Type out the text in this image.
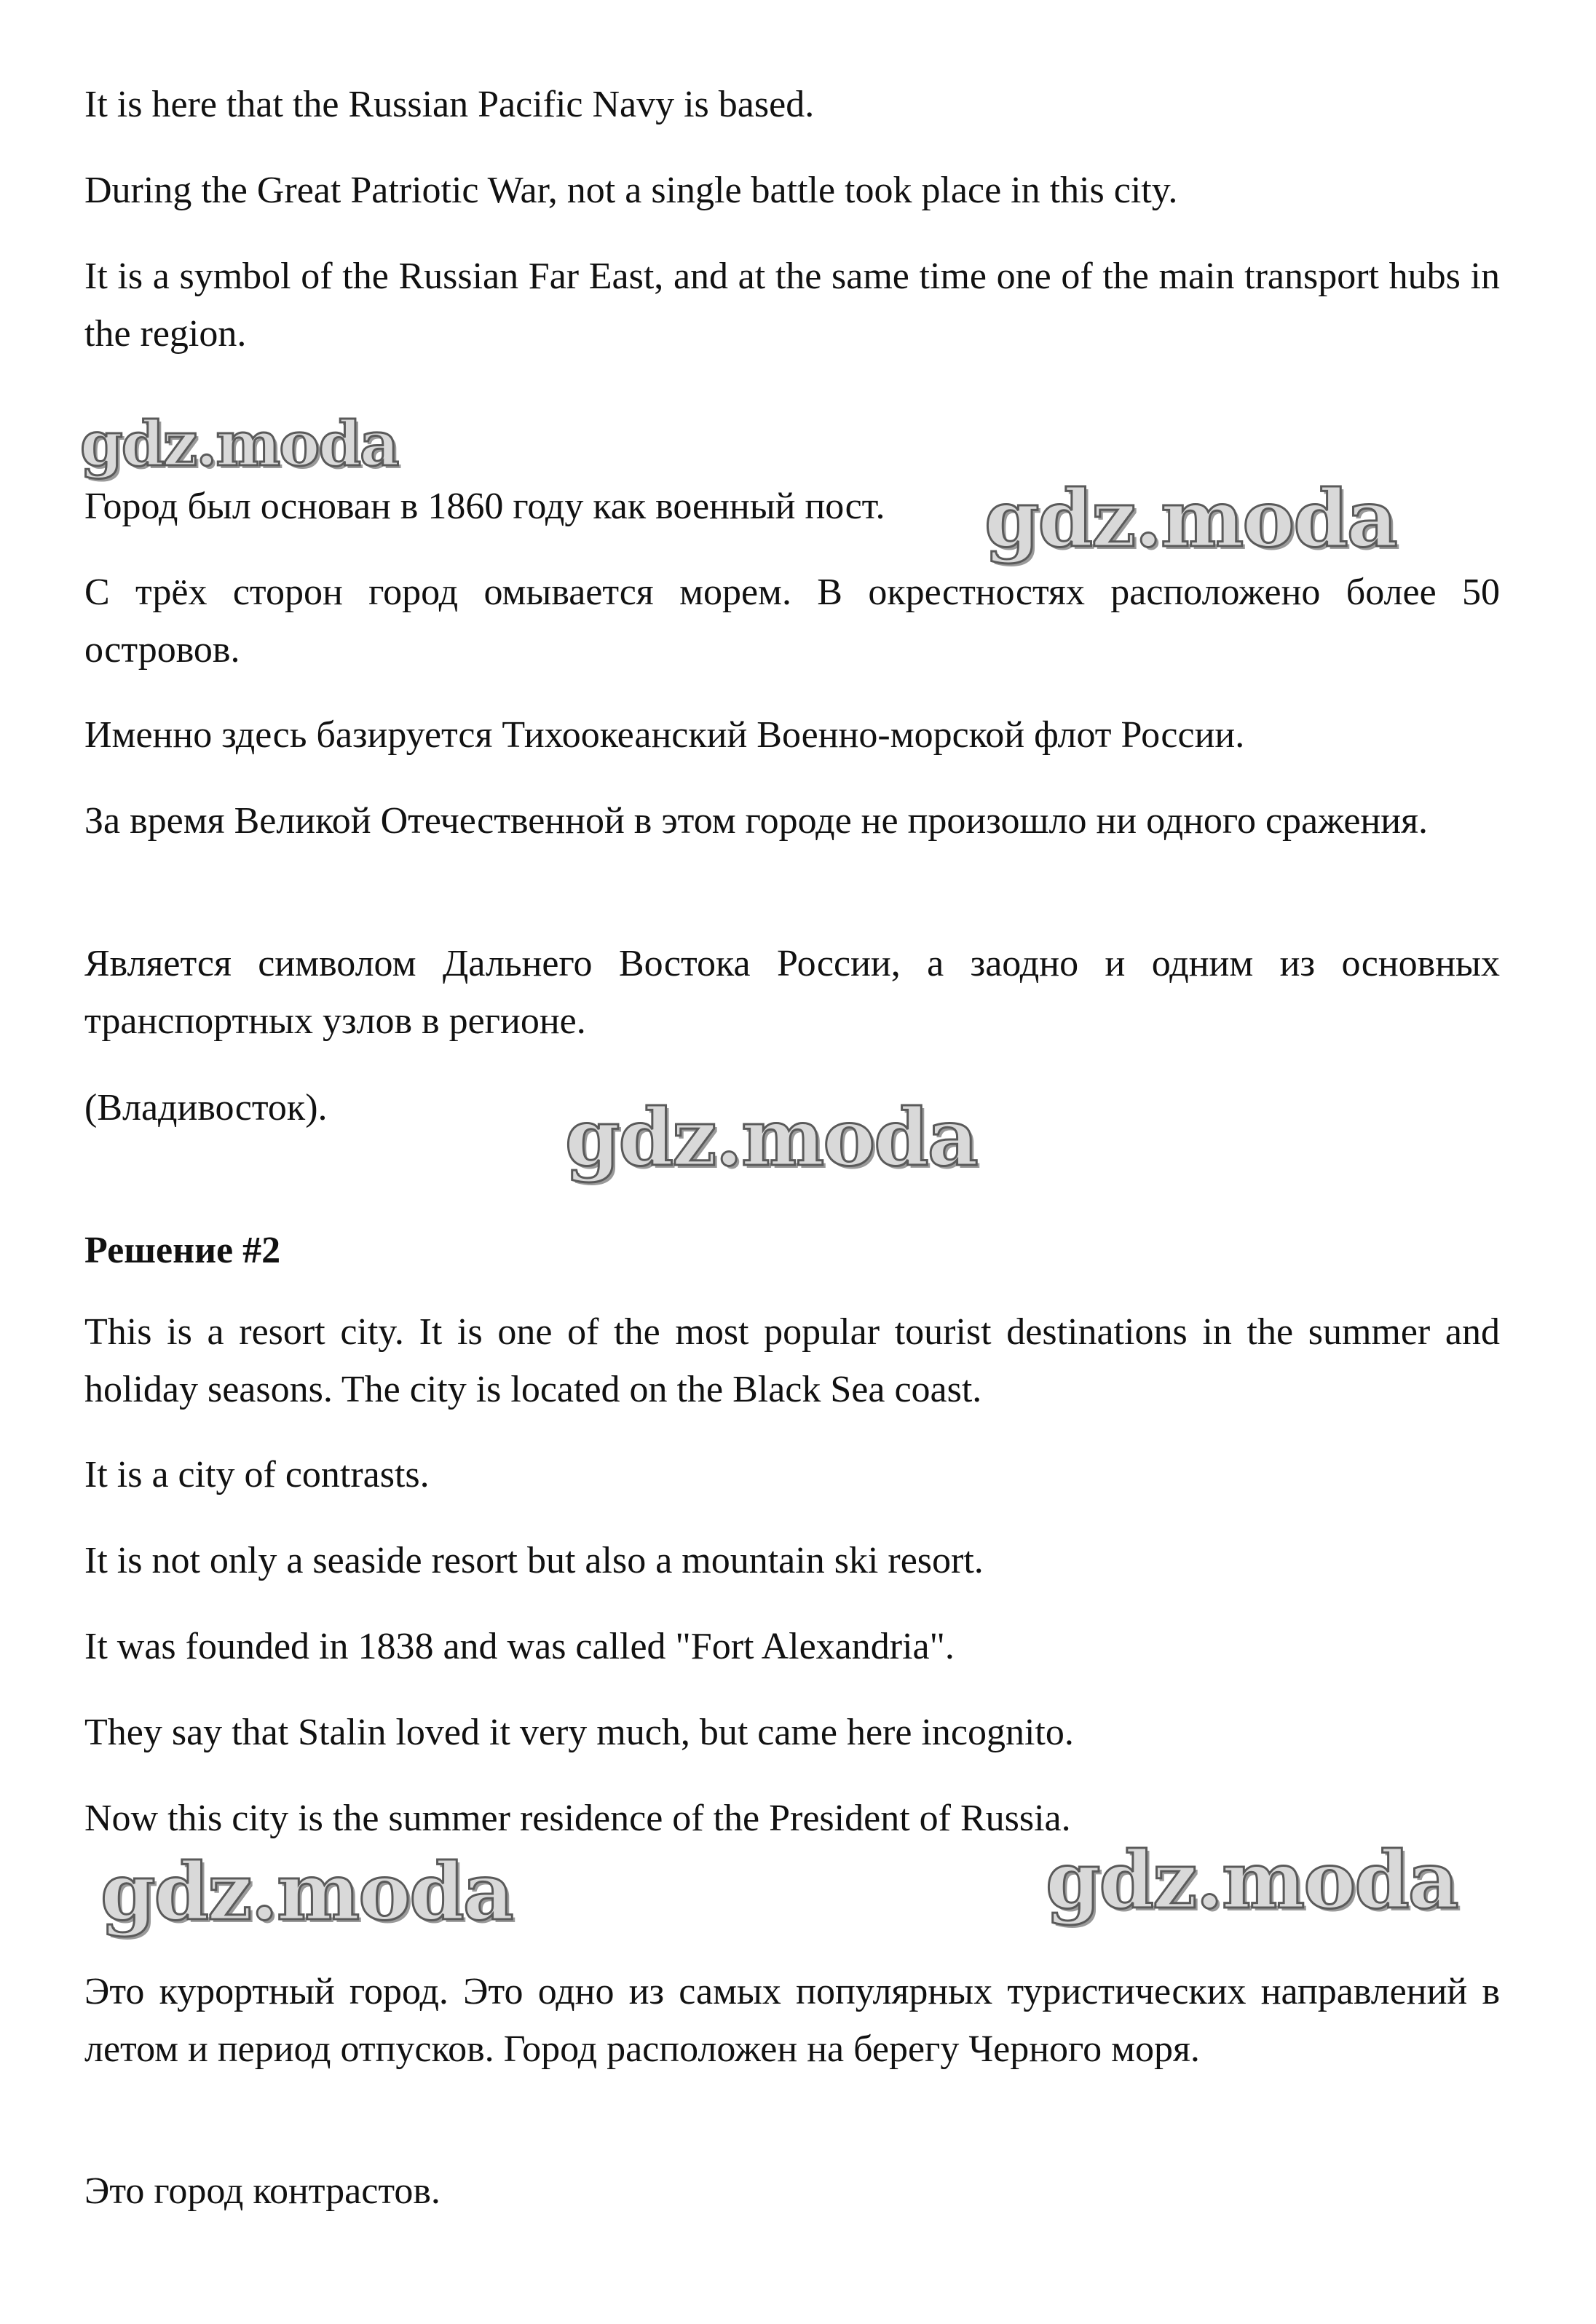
It is here that the Russian Pacific Navy is based.

During the Great Patriotic War, not a single battle took place in this city.

It is a symbol of the Russian Far East, and at the same time one of the main transport hubs in the region.

gdz.moda

Город был основан в 1860 году как военный пост.	gdz.moda

С трёх сторон город омывается морем. В окрестностях расположено более 50 островов.

Именно здесь базируется Тихоокеанский Военно-морской флот России.

За время Великой Отечественной в этом городе не произошло ни одного сражения.

Является символом Дальнего Востока России, а заодно и одним из основных транспортных узлов в регионе.

(Владивосток).	gdz.moda

Решение #2

This is a resort city. It is one of the most popular tourist destinations in the summer and holiday seasons. The city is located on the Black Sea coast.

It is a city of contrasts.

It is not only a seaside resort but also a mountain ski resort.

It was founded in 1838 and was called "Fort Alexandria".

They say that Stalin loved it very much, but came here incognito.

Now this city is the summer residence of the President of Russia.

gdz.moda	gdz.moda

Это курортный город. Это одно из самых популярных туристических направлений в летом и период отпусков. Город расположен на берегу Черного моря.

Это город контрастов.
